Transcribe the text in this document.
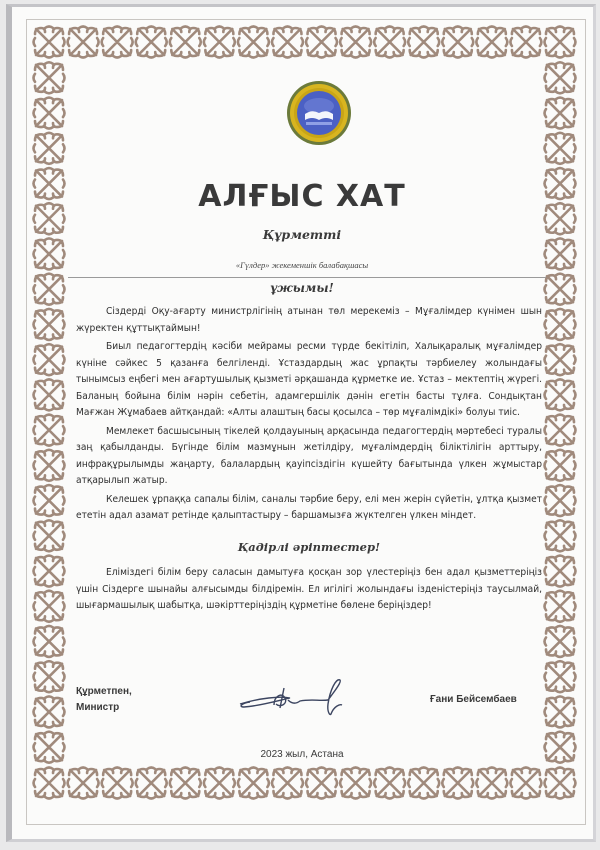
АЛҒЫС ХАТ
Құрметті
«Гүлдер» жекеменшік балабақшасы
ұжымы!

Сіздерді Оқу-ағарту министрлігінің атынан төл мерекеміз – Мұғалімдер күнімен шын жүректен құттықтаймын!

Биыл педагогтердің кәсіби мейрамы ресми түрде бекітіліп, Халықаралық мұғалімдер күніне сәйкес 5 қазанға белгіленді. Ұстаздардың жас ұрпақты тәрбиелеу жолындағы тынымсыз еңбегі мен ағартушылық қызметі әрқашанда құрметке ие. Ұстаз – мектептің жүрегі. Баланың бойына білім нәрін себетін, адамгершілік дәнін егетін басты тұлға. Сондықтан Мағжан Жұмабаев айтқандай: «Алты алаштың басы қосылса – төр мұғалімдікі» болуы тиіс.

Мемлекет басшысының тікелей қолдауының арқасында педагогтердің мәртебесі туралы заң қабылданды. Бүгінде білім мазмұнын жетілдіру, мұғалімдердің біліктілігін арттыру, инфрақұрылымды жаңарту, балалардың қауіпсіздігін күшейту бағытында үлкен жұмыстар атқарылып жатыр.

Келешек ұрпаққа сапалы білім, саналы тәрбие беру, елі мен жерін сүйетін, ұлтқа қызмет ететін адал азамат ретінде қалыптастыру – баршамызға жүктелген үлкен міндет.

Қадірлі әріптестер!

Еліміздегі білім беру саласын дамытуға қосқан зор үлестеріңіз бен адал қызметтеріңіз үшін Сіздерге шынайы алғысымды білдіремін. Ел игілігі жолындағы ізденістеріңіз таусылмай, шығармашылық шабытқа, шәкірттеріңіздің құрметіне бөлене беріңіздер!

Құрметпен,
Министр
Ғани Бейсембаев
2023 жыл, Астана
